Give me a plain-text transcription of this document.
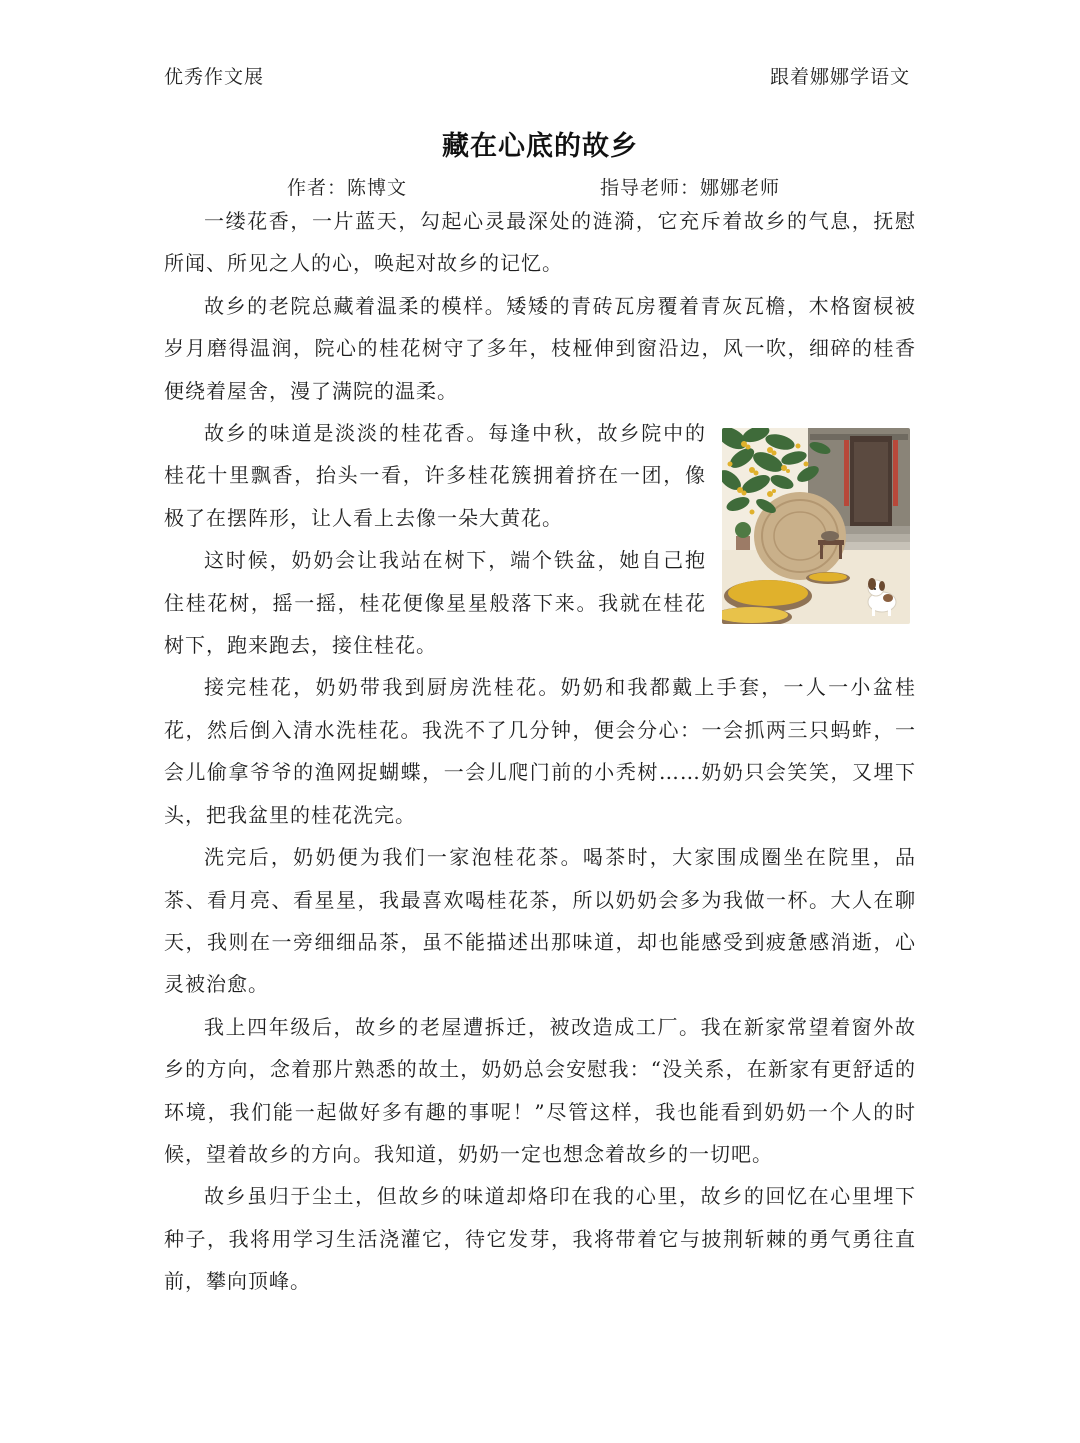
优秀作文展	跟着娜娜学语文
藏在心底的故乡
作者：陈博文	指导老师：娜娜老师

一缕花香，一片蓝天，勾起心灵最深处的涟漪，它充斥着故乡的气息，抚慰所闻、所见之人的心，唤起对故乡的记忆。

故乡的老院总藏着温柔的模样。矮矮的青砖瓦房覆着青灰瓦檐，木格窗棂被岁月磨得温润，院心的桂花树守了多年，枝桠伸到窗沿边，风一吹，细碎的桂香便绕着屋舍，漫了满院的温柔。

故乡的味道是淡淡的桂花香。每逢中秋，故乡院中的桂花十里飘香，抬头一看，许多桂花簇拥着挤在一团，像极了在摆阵形，让人看上去像一朵大黄花。

这时候，奶奶会让我站在树下，端个铁盆，她自己抱住桂花树，摇一摇，桂花便像星星般落下来。我就在桂花树下，跑来跑去，接住桂花。

接完桂花，奶奶带我到厨房洗桂花。奶奶和我都戴上手套，一人一小盆桂花，然后倒入清水洗桂花。我洗不了几分钟，便会分心：一会抓两三只蚂蚱，一会儿偷拿爷爷的渔网捉蝴蝶，一会儿爬门前的小秃树……奶奶只会笑笑，又埋下头，把我盆里的桂花洗完。

洗完后，奶奶便为我们一家泡桂花茶。喝茶时，大家围成圈坐在院里，品茶、看月亮、看星星，我最喜欢喝桂花茶，所以奶奶会多为我做一杯。大人在聊天，我则在一旁细细品茶，虽不能描述出那味道，却也能感受到疲惫感消逝，心灵被治愈。

我上四年级后，故乡的老屋遭拆迁，被改造成工厂。我在新家常望着窗外故乡的方向，念着那片熟悉的故土，奶奶总会安慰我：“没关系，在新家有更舒适的环境，我们能一起做好多有趣的事呢！”尽管这样，我也能看到奶奶一个人的时候，望着故乡的方向。我知道，奶奶一定也想念着故乡的一切吧。

故乡虽归于尘土，但故乡的味道却烙印在我的心里，故乡的回忆在心里埋下种子，我将用学习生活浇灌它，待它发芽，我将带着它与披荆斩棘的勇气勇往直前，攀向顶峰。
